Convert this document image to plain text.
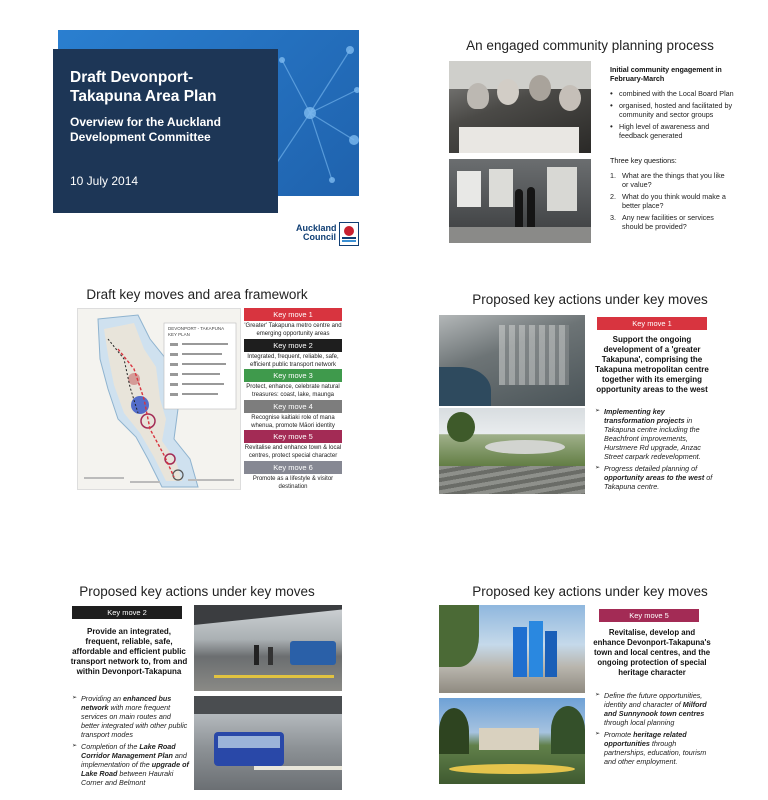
Draft Devonport-
Takapuna Area Plan
Overview for the Auckland
Development Committee
10 July 2014
Auckland
Council
An engaged community planning process
Initial community engagement in February-March
• combined with the Local Board Plan
• organised, hosted and facilitated by community and sector groups
• High level of awareness and feedback generated
Three key questions:
1. What are the things that you like or value?
2. What do you think would make a better place?
3. Any new facilities or services should be provided?
Draft key moves and area framework
DEVONPORT - TAKAPUNA
KEY PLAN
Key move 1
'Greater' Takapuna metro centre and emerging opportunity areas
Key move 2
Integrated, frequent, reliable, safe, efficient public transport network
Key move 3
Protect, enhance, celebrate natural treasures: coast, lake, maunga
Key move 4
Recognise kaitiaki role of mana whenua, promote Māori identity
Key move 5
Revitalise and enhance town & local centres, protect special character
Key move 6
Promote as a lifestyle & visitor destination
Proposed key actions under key moves
Key move 1
Support the ongoing development of a 'greater Takapuna', comprising the Takapuna metropolitan centre together with its emerging opportunity areas to the west
➢ Implementing key transformation projects in Takapuna centre including the Beachfront improvements, Hurstmere Rd upgrade, Anzac Street carpark redevelopment.
➢ Progress detailed planning of opportunity areas to the west of Takapuna centre.
Proposed key actions under key moves
Key move 2
Provide an integrated, frequent, reliable, safe, affordable and efficient public transport network to, from and within Devonport-Takapuna
➢ Providing an enhanced bus network with more frequent services on main routes and better integrated with other public transport modes
➢ Completion of the Lake Road Corridor Management Plan and implementation of the upgrade of Lake Road between Hauraki Corner and Belmont
Proposed key actions under key moves
Key move 5
Revitalise, develop and enhance Devonport-Takapuna's town and local centres, and the ongoing protection of special heritage character
➢ Define the future opportunities, identity and character of Milford and Sunnynook town centres through local planning
➢ Promote heritage related opportunities through partnerships, education, tourism and other employment.
